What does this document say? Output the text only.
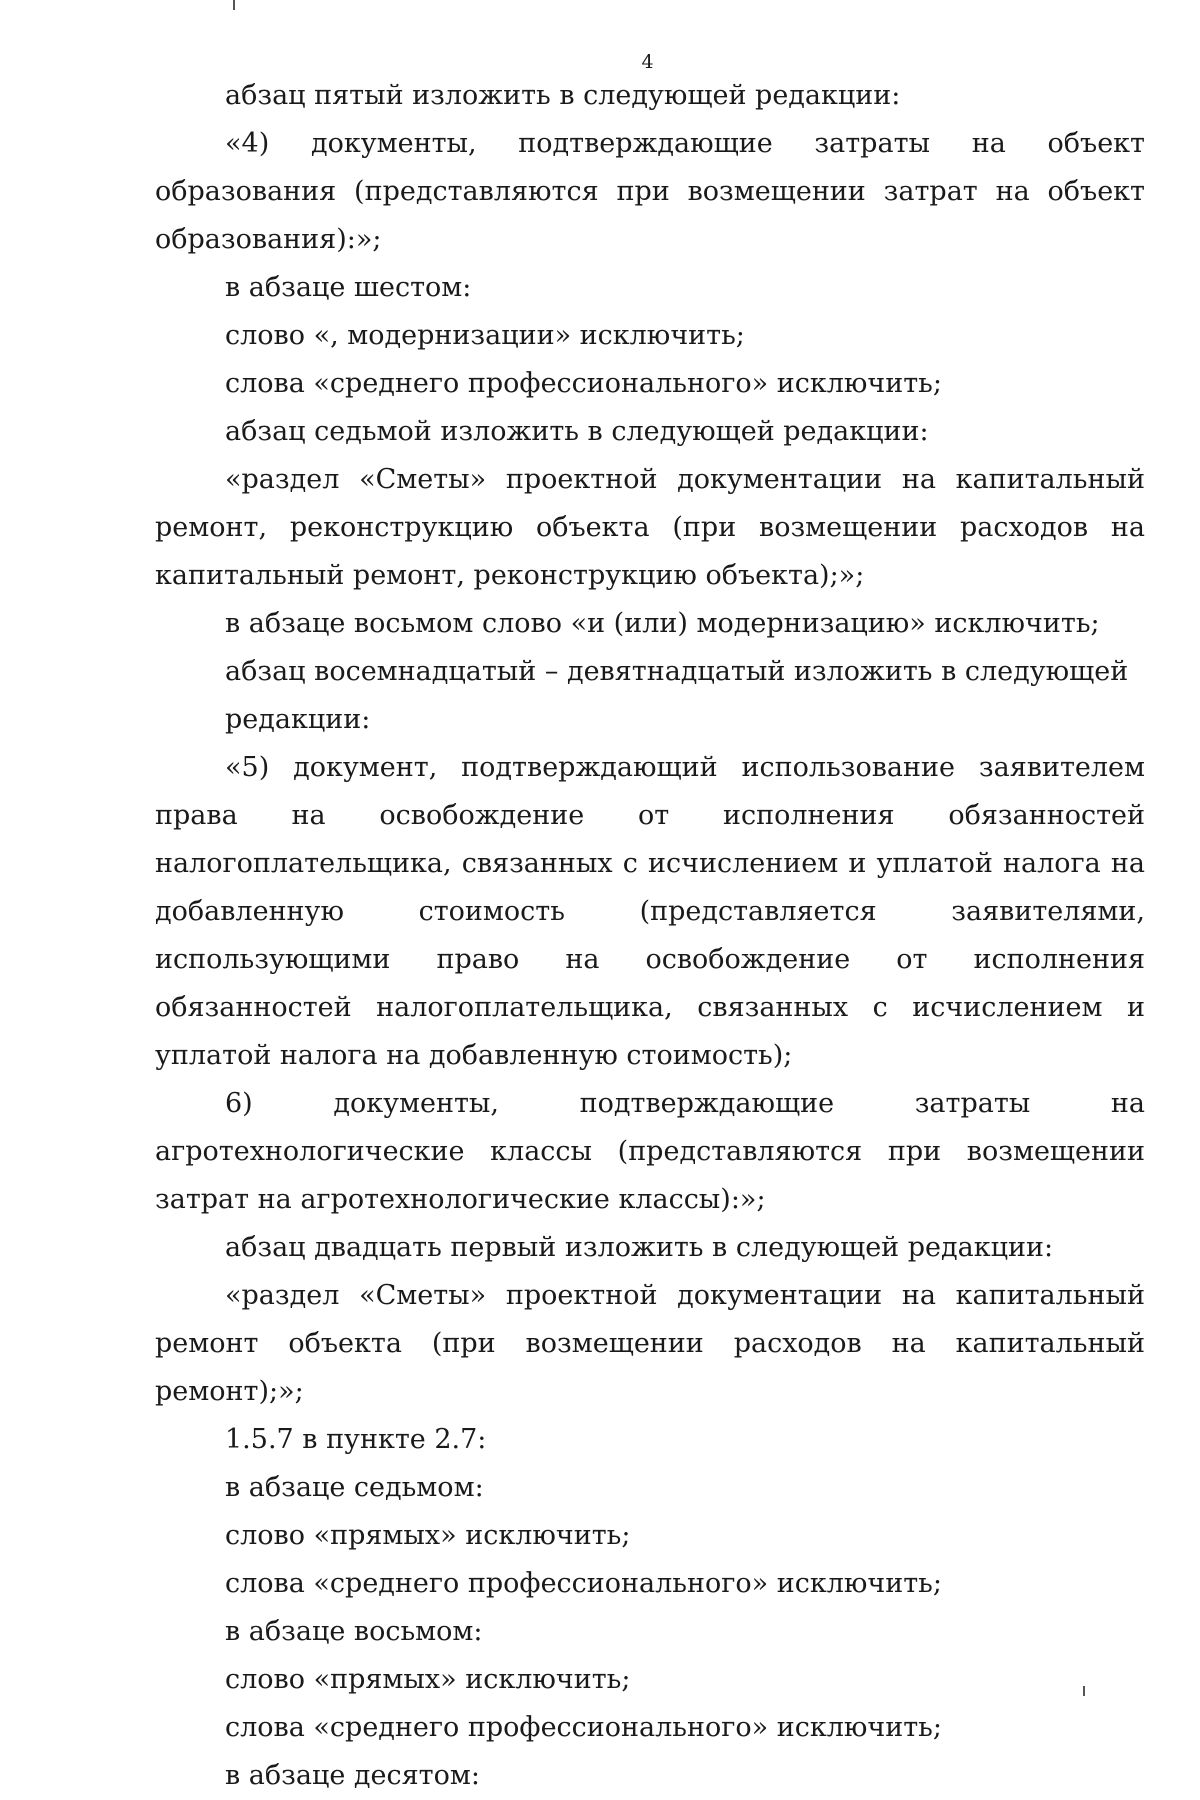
4

абзац пятый изложить в следующей редакции:

«4) документы, подтверждающие затраты на объект образования (представляются при возмещении затрат на объект образования):»;

в абзаце шестом:

слово «, модернизации» исключить;

слова «среднего профессионального» исключить;

абзац седьмой изложить в следующей редакции:

«раздел «Сметы» проектной документации на капитальный ремонт, реконструкцию объекта (при возмещении расходов на капитальный ремонт, реконструкцию объекта);»;

в абзаце восьмом слово «и (или) модернизацию» исключить;

абзац восемнадцатый – девятнадцатый изложить в следующей редакции:

«5) документ, подтверждающий использование заявителем права на освобождение от исполнения обязанностей налогоплательщика, связанных с исчислением и уплатой налога на добавленную стоимость (представляется заявителями, использующими право на освобождение от исполнения обязанностей налогоплательщика, связанных с исчислением и уплатой налога на добавленную стоимость);

6) документы, подтверждающие затраты на агротехнологические классы (представляются при возмещении затрат на агротехнологические классы):»;

абзац двадцать первый изложить в следующей редакции:

«раздел «Сметы» проектной документации на капитальный ремонт объекта (при возмещении расходов на капитальный ремонт);»;

1.5.7 в пункте 2.7:

в абзаце седьмом:

слово «прямых» исключить;

слова «среднего профессионального» исключить;

в абзаце восьмом:

слово «прямых» исключить;

слова «среднего профессионального» исключить;

в абзаце десятом:
